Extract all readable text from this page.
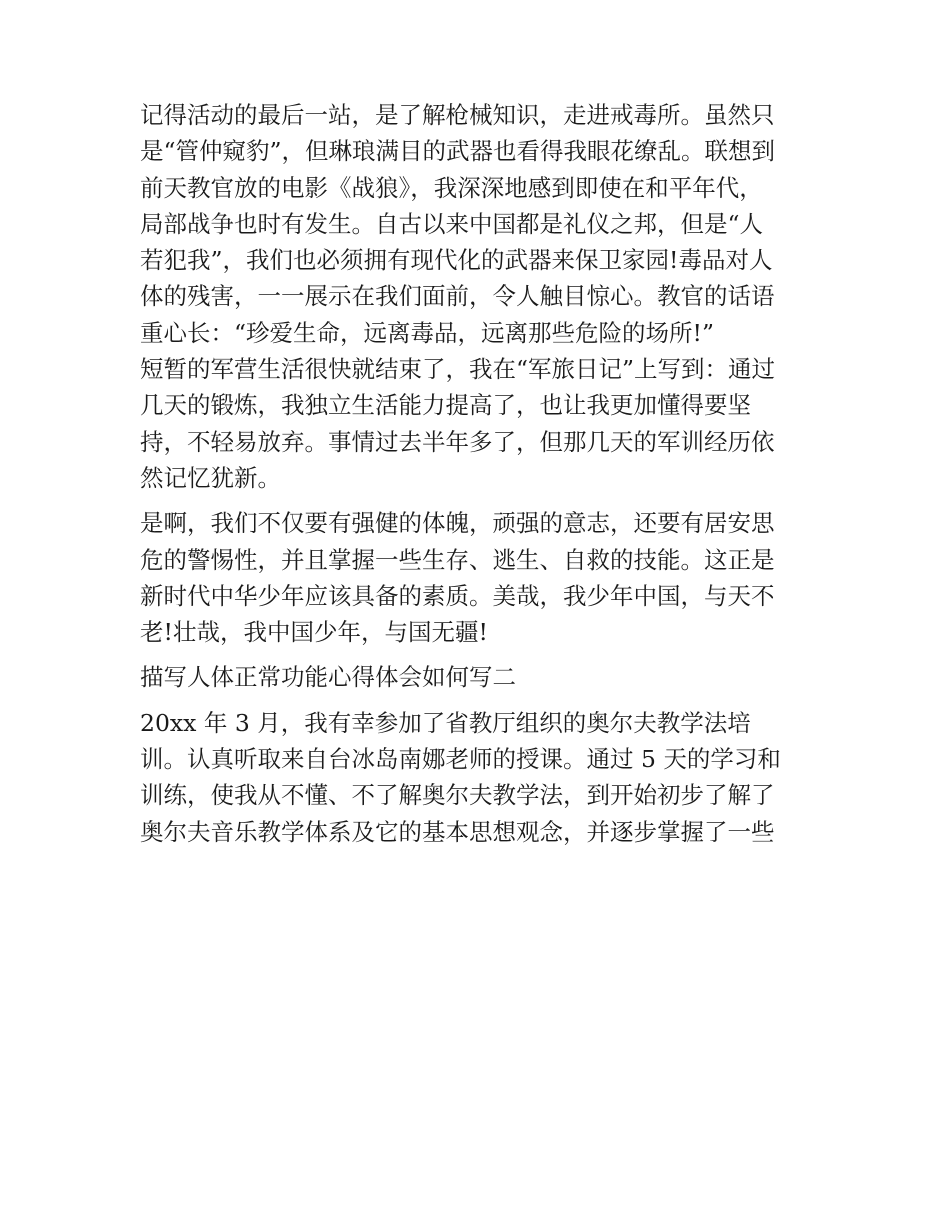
记得活动的最后一站，是了解枪械知识，走进戒毒所。虽然只
是“管仲窥豹”，但琳琅满目的武器也看得我眼花缭乱。联想到
前天教官放的电影《战狼》，我深深地感到即使在和平年代，
局部战争也时有发生。自古以来中国都是礼仪之邦，但是“人
若犯我”，我们也必须拥有现代化的武器来保卫家园!毒品对人
体的残害，一一展示在我们面前，令人触目惊心。教官的话语
重心长：“珍爱生命，远离毒品，远离那些危险的场所!”
短暂的军营生活很快就结束了，我在“军旅日记”上写到：通过
几天的锻炼，我独立生活能力提高了，也让我更加懂得要坚
持，不轻易放弃。事情过去半年多了，但那几天的军训经历依
然记忆犹新。
是啊，我们不仅要有强健的体魄，顽强的意志，还要有居安思
危的警惕性，并且掌握一些生存、逃生、自救的技能。这正是
新时代中华少年应该具备的素质。美哉，我少年中国，与天不
老!壮哉，我中国少年，与国无疆!
描写人体正常功能心得体会如何写二
20xx 年 3 月，我有幸参加了省教厅组织的奥尔夫教学法培
训。认真听取来自台冰岛南娜老师的授课。通过 5 天的学习和
训练，使我从不懂、不了解奥尔夫教学法，到开始初步了解了
奥尔夫音乐教学体系及它的基本思想观念，并逐步掌握了一些
